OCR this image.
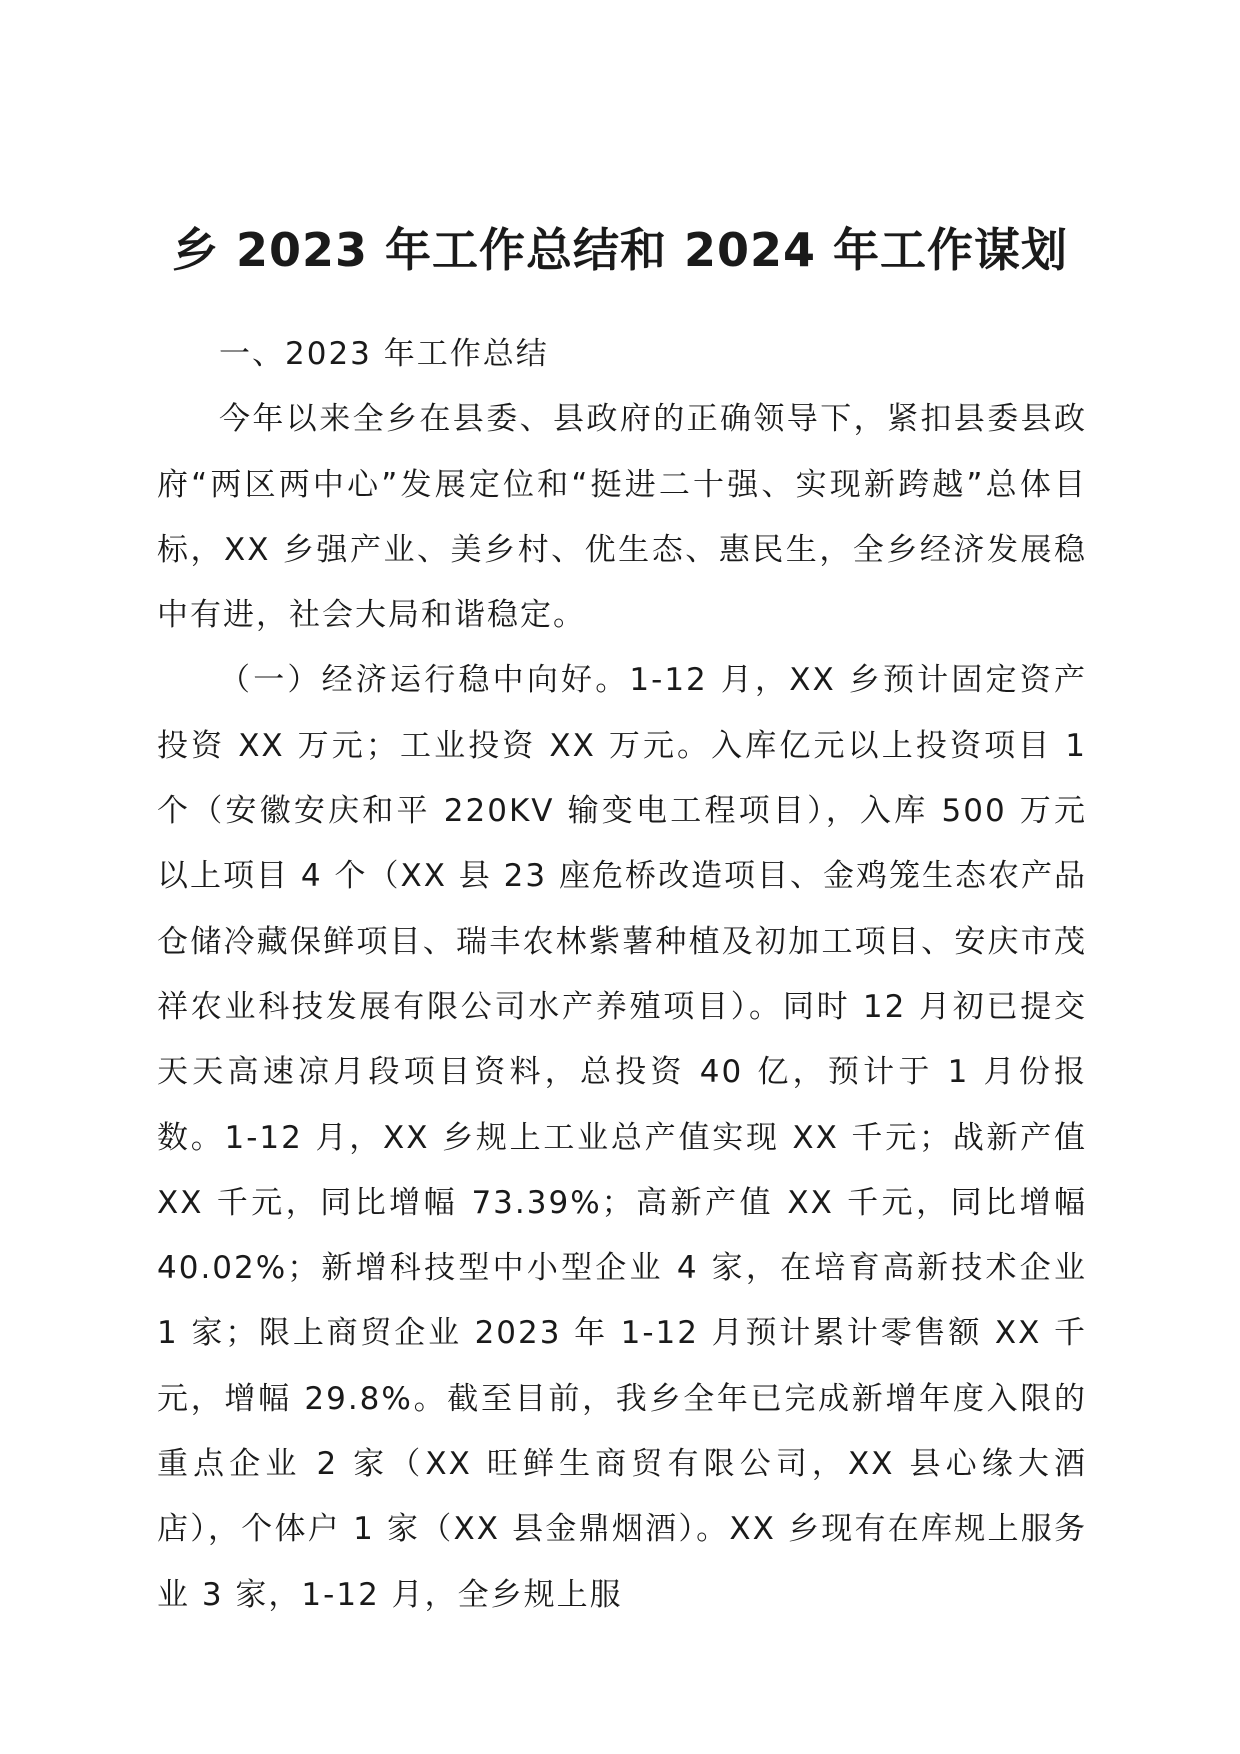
乡 2023 年工作总结和 2024 年工作谋划

一、2023 年工作总结

今年以来全乡在县委、县政府的正确领导下，紧扣县委县政府“两区两中心”发展定位和“挺进二十强、实现新跨越”总体目标，XX 乡强产业、美乡村、优生态、惠民生，全乡经济发展稳中有进，社会大局和谐稳定。

（一）经济运行稳中向好。1-12 月，XX 乡预计固定资产投资 XX 万元；工业投资 XX 万元。入库亿元以上投资项目 1 个（安徽安庆和平 220KV 输变电工程项目），入库 500 万元以上项目 4 个（XX 县 23 座危桥改造项目、金鸡笼生态农产品仓储冷藏保鲜项目、瑞丰农林紫薯种植及初加工项目、安庆市茂祥农业科技发展有限公司水产养殖项目）。同时 12 月初已提交天天高速凉月段项目资料，总投资 40 亿，预计于 1 月份报数。1-12 月，XX 乡规上工业总产值实现 XX 千元；战新产值 XX 千元，同比增幅 73.39%；高新产值 XX 千元，同比增幅 40.02%；新增科技型中小型企业 4 家，在培育高新技术企业 1 家；限上商贸企业 2023 年 1-12 月预计累计零售额 XX 千元，增幅 29.8%。截至目前，我乡全年已完成新增年度入限的重点企业 2 家（XX 旺鲜生商贸有限公司，XX 县心缘大酒店），个体户 1 家（XX 县金鼎烟酒）。XX 乡现有在库规上服务业 3 家，1-12 月，全乡规上服
